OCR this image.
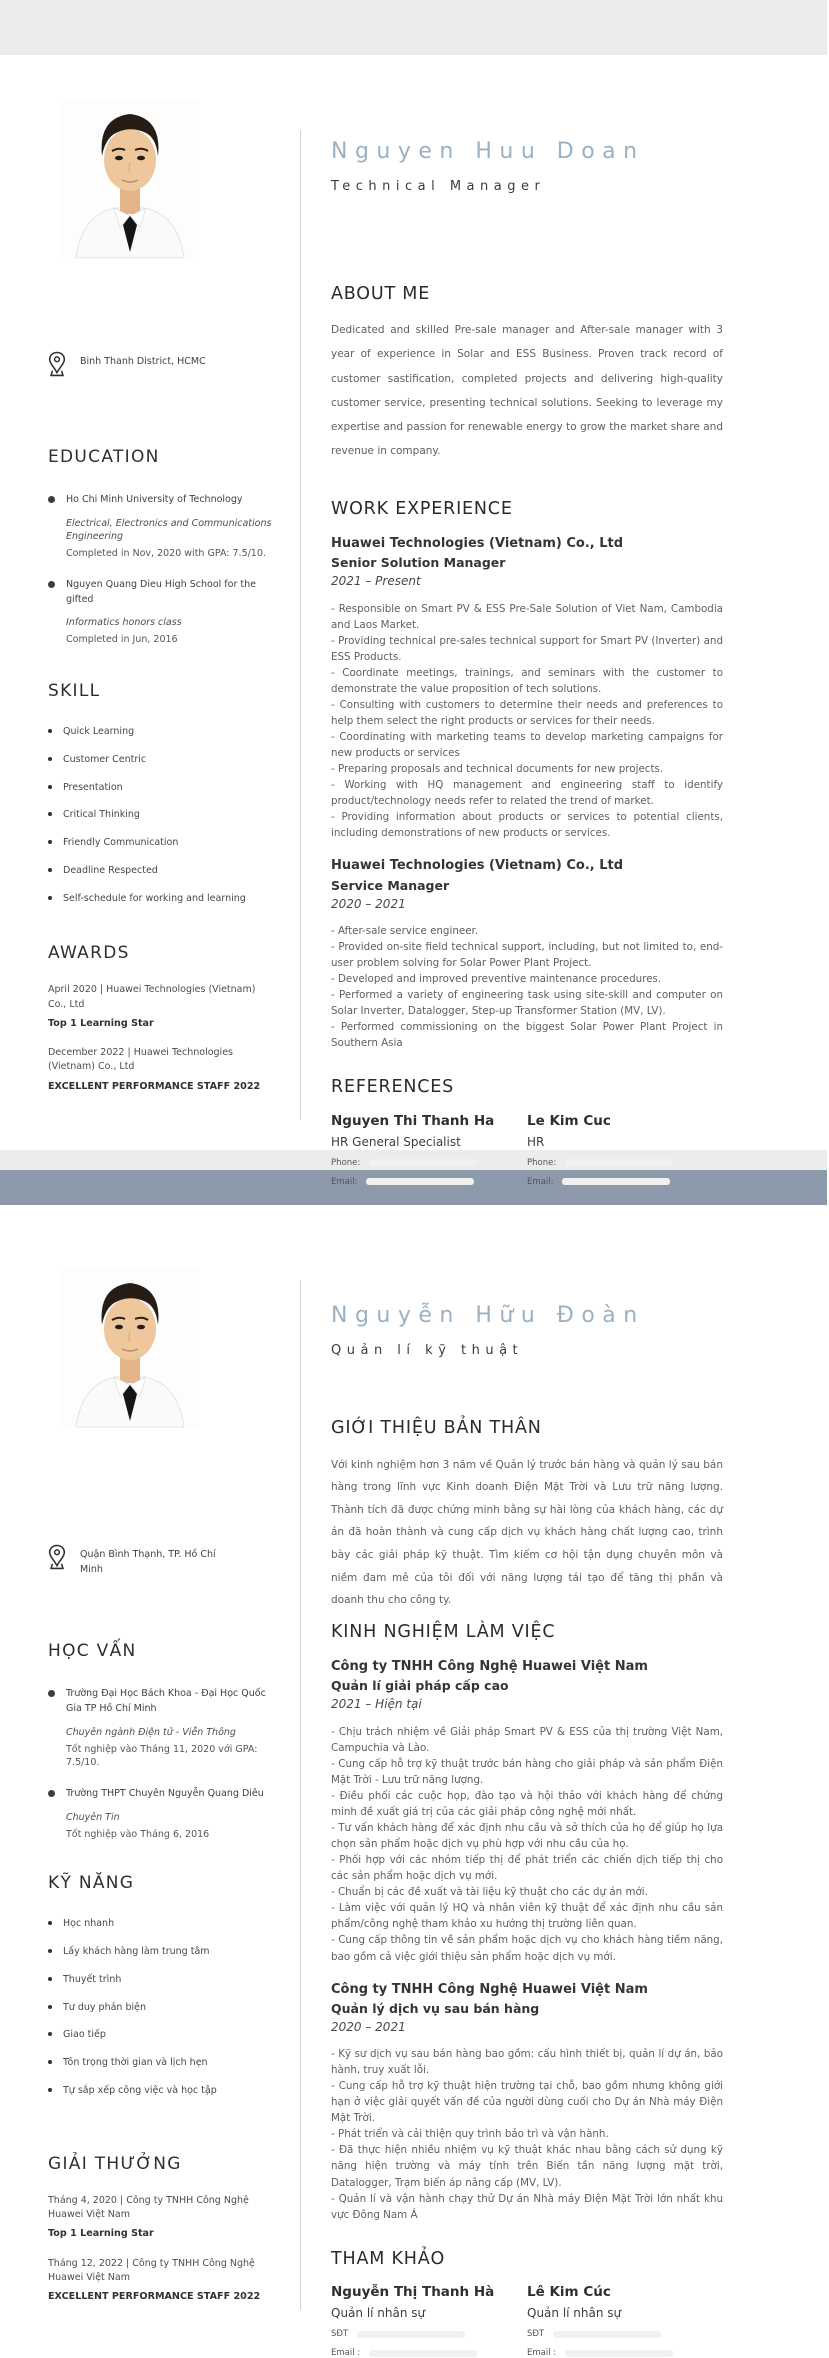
Binh Thanh District, HCMC
EDUCATION
Ho Chi Minh University of Technology
Electrical, Electronics and Communications Engineering
Completed in Nov, 2020 with GPA: 7.5/10.
Nguyen Quang Dieu High School for the gifted
Informatics honors class
Completed in Jun, 2016
SKILL
Quick Learning
Customer Centric
Presentation
Critical Thinking
Friendly Communication
Deadline Respected
Self-schedule for working and learning
AWARDS
April 2020 | Huawei Technologies (Vietnam) Co., Ltd
Top 1 Learning Star
December 2022 | Huawei Technologies (Vietnam) Co., Ltd
EXCELLENT PERFORMANCE STAFF 2022
Nguyen Huu Doan
Technical Manager
ABOUT ME

Dedicated and skilled Pre-sale manager and After-sale manager with 3 year of experience in Solar and ESS Business. Proven track record of customer sastification, completed projects and delivering high-quality customer service, presenting technical solutions. Seeking to leverage my expertise and passion for renewable energy to grow the market share and revenue in company.

WORK EXPERIENCE
Huawei Technologies (Vietnam) Co., Ltd
Senior Solution Manager
2021 – Present

- Responsible on Smart PV & ESS Pre-Sale Solution of Viet Nam, Cambodia and Laos Market.

- Providing technical pre-sales technical support for Smart PV (Inverter) and ESS Products.

- Coordinate meetings, trainings, and seminars with the customer to demonstrate the value proposition of tech solutions.

- Consulting with customers to determine their needs and preferences to help them select the right products or services for their needs.

- Coordinating with marketing teams to develop marketing campaigns for new products or services

- Preparing proposals and technical documents for new projects.

- Working with HQ management and engineering staff to identify product/technology needs refer to related the trend of market.

- Providing information about products or services to potential clients, including demonstrations of new products or services.

Huawei Technologies (Vietnam) Co., Ltd
Service Manager
2020 – 2021

- After-sale service engineer.

- Provided on-site field technical support, including, but not limited to, end-user problem solving for Solar Power Plant Project.

- Developed and improved preventive maintenance procedures.

- Performed a variety of engineering task using site-skill and computer on Solar Inverter, Datalogger, Step-up Transformer Station (MV, LV).

- Performed commissioning on the biggest Solar Power Plant Project in Southern Asia

REFERENCES
Nguyen Thi Thanh Ha
HR General Specialist
Phone:
Email:
Le Kim Cuc
HR
Phone:
Email:
Quận Bình Thạnh, TP. Hồ Chí Minh
HỌC VẤN
Trường Đại Học Bách Khoa - Đại Học Quốc Gia TP Hồ Chí Minh
Chuyên ngành Điện tử - Viễn Thông
Tốt nghiệp vào Tháng 11, 2020 với GPA: 7.5/10.
Trường THPT Chuyên Nguyễn Quang Diêu
Chuyên Tin
Tốt nghiệp vào Tháng 6, 2016
KỸ NĂNG
Học nhanh
Lấy khách hàng làm trung tâm
Thuyết trình
Tư duy phản biện
Giao tiếp
Tôn trọng thời gian và lịch hẹn
Tự sắp xếp công việc và học tập
GIẢI THƯỞNG
Tháng 4, 2020 | Công ty TNHH Công Nghệ Huawei Việt Nam
Top 1 Learning Star
Tháng 12, 2022 | Công ty TNHH Công Nghệ Huawei Việt Nam
EXCELLENT PERFORMANCE STAFF 2022
Nguyễn Hữu Đoàn
Quản lí kỹ thuật
GIỚI THIỆU BẢN THÂN

Với kinh nghiệm hơn 3 năm về Quản lý trước bán hàng và quản lý sau bán hàng trong lĩnh vực Kinh doanh Điện Mặt Trời và Lưu trữ năng lượng. Thành tích đã được chứng minh bằng sự hài lòng của khách hàng, các dự án đã hoàn thành và cung cấp dịch vụ khách hàng chất lượng cao, trình bày các giải pháp kỹ thuật. Tìm kiếm cơ hội tận dụng chuyên môn và niềm đam mê của tôi đối với năng lượng tái tạo để tăng thị phần và doanh thu cho công ty.

KINH NGHIỆM LÀM VIỆC
Công ty TNHH Công Nghệ Huawei Việt Nam
Quản lí giải pháp cấp cao
2021 – Hiện tại

- Chịu trách nhiệm về Giải pháp Smart PV & ESS của thị trường Việt Nam, Campuchia và Lào.

- Cung cấp hỗ trợ kỹ thuật trước bán hàng cho giải pháp và sản phẩm Điện Mặt Trời - Lưu trữ năng lượng.

- Điều phối các cuộc họp, đào tạo và hội thảo với khách hàng để chứng minh đề xuất giá trị của các giải pháp công nghệ mới nhất.

- Tư vấn khách hàng để xác định nhu cầu và sở thích của họ để giúp họ lựa chọn sản phẩm hoặc dịch vụ phù hợp với nhu cầu của họ.

- Phối hợp với các nhóm tiếp thị để phát triển các chiến dịch tiếp thị cho các sản phẩm hoặc dịch vụ mới.

- Chuẩn bị các đề xuất và tài liệu kỹ thuật cho các dự án mới.

- Làm việc với quản lý HQ và nhân viên kỹ thuật để xác định nhu cầu sản phẩm/công nghệ tham khảo xu hướng thị trường liên quan.

- Cung cấp thông tin về sản phẩm hoặc dịch vụ cho khách hàng tiềm năng, bao gồm cả việc giới thiệu sản phẩm hoặc dịch vụ mới.

Công ty TNHH Công Nghệ Huawei Việt Nam
Quản lý dịch vụ sau bán hàng
2020 – 2021

- Kỹ sư dịch vụ sau bán hàng bao gồm: cấu hình thiết bị, quản lí dự án, bảo hành, truy xuất lỗi.

- Cung cấp hỗ trợ kỹ thuật hiện trường tại chỗ, bao gồm nhưng không giới hạn ở việc giải quyết vấn đề của người dùng cuối cho Dự án Nhà máy Điện Mặt Trời.

- Phát triển và cải thiện quy trình bảo trì và vận hành.

- Đã thực hiện nhiều nhiệm vụ kỹ thuật khác nhau bằng cách sử dụng kỹ năng hiện trường và máy tính trên Biến tần năng lượng mặt trời, Datalogger, Trạm biến áp nâng cấp (MV, LV).

- Quản lí và vận hành chạy thử Dự án Nhà máy Điện Mặt Trời lớn nhất khu vực Đông Nam Á

THAM KHẢO
Nguyễn Thị Thanh Hà
Quản lí nhân sự
SĐT
Email :
Lê Kim Cúc
Quản lí nhân sự
SĐT
Email :
